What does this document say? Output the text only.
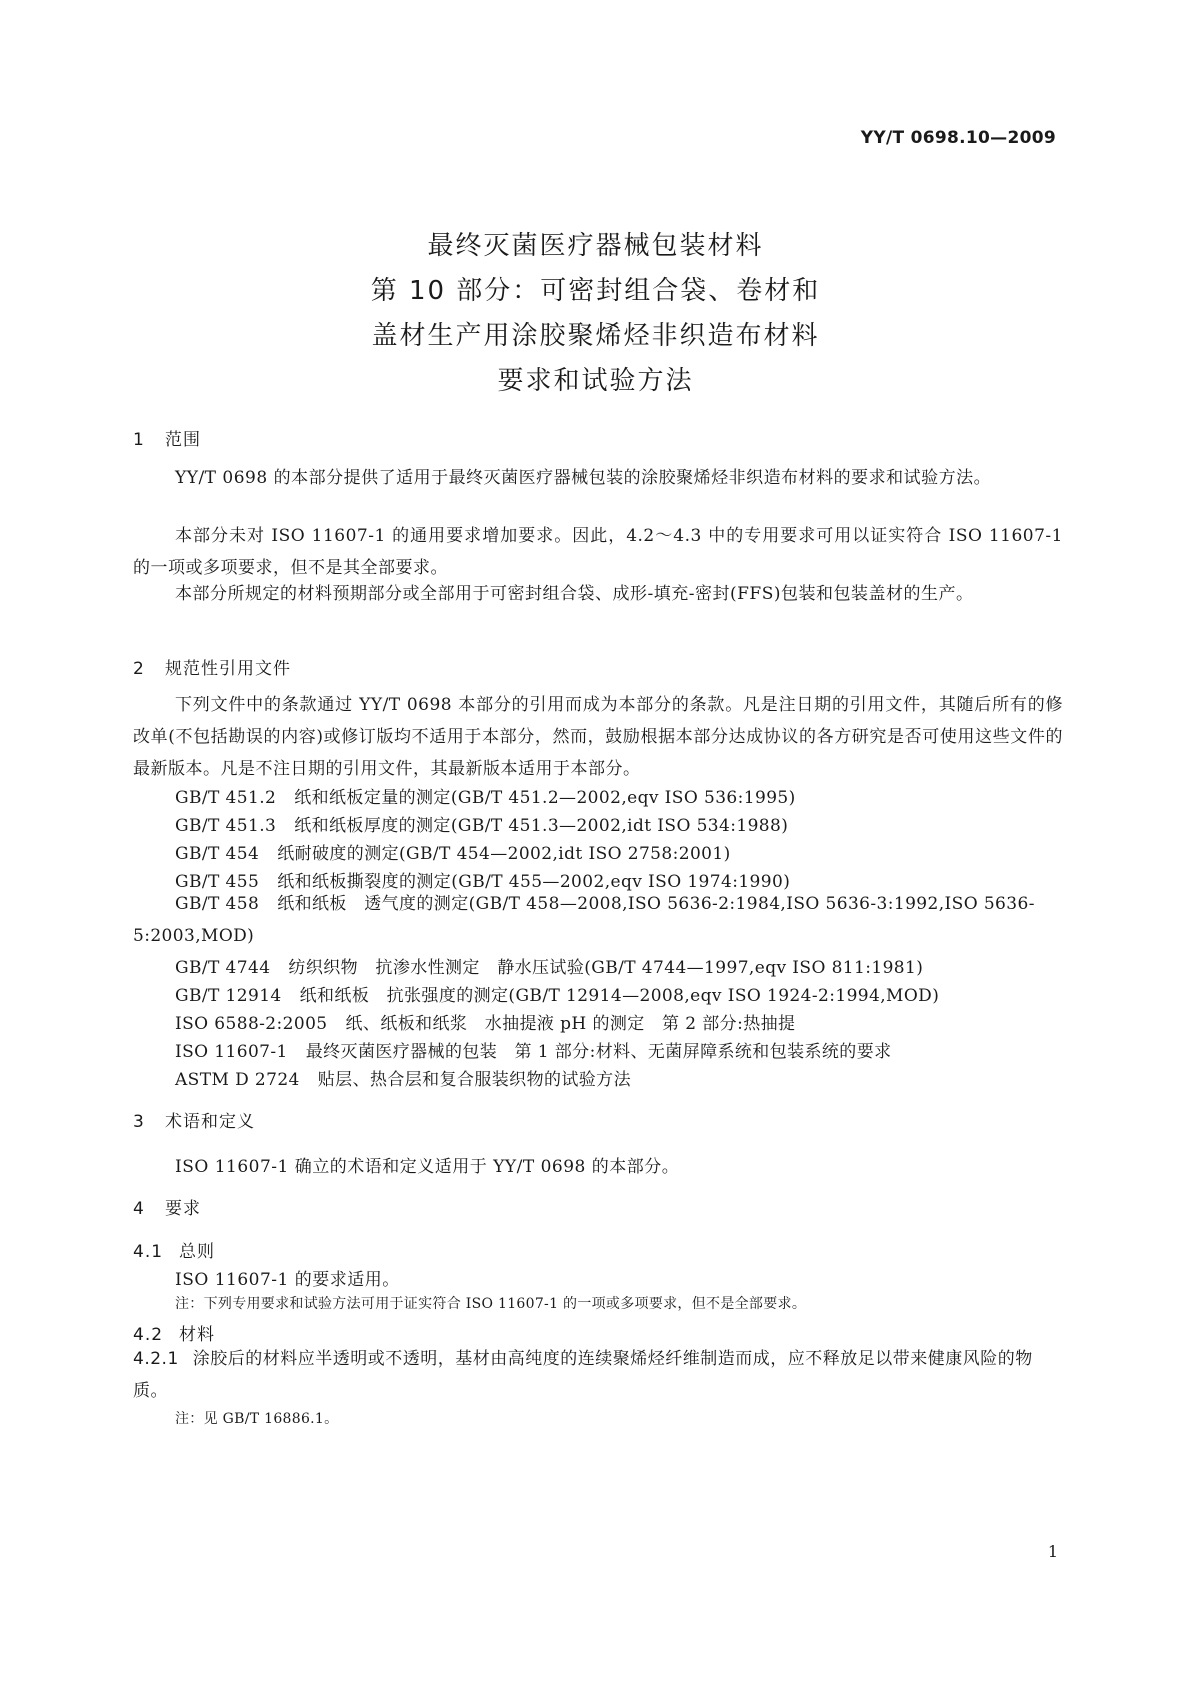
YY/T 0698.10—2009
最终灭菌医疗器械包装材料
第 10 部分：可密封组合袋、卷材和
盖材生产用涂胶聚烯烃非织造布材料
要求和试验方法
1 范围
YY/T 0698 的本部分提供了适用于最终灭菌医疗器械包装的涂胶聚烯烃非织造布材料的要求和试验方法。
本部分未对 ISO 11607-1 的通用要求增加要求。因此，4.2～4.3 中的专用要求可用以证实符合 ISO 11607-1 的一项或多项要求，但不是其全部要求。
本部分所规定的材料预期部分或全部用于可密封组合袋、成形-填充-密封(FFS)包装和包装盖材的生产。
2 规范性引用文件
下列文件中的条款通过 YY/T 0698 本部分的引用而成为本部分的条款。凡是注日期的引用文件，其随后所有的修改单(不包括勘误的内容)或修订版均不适用于本部分，然而，鼓励根据本部分达成协议的各方研究是否可使用这些文件的最新版本。凡是不注日期的引用文件，其最新版本适用于本部分。
GB/T 451.2 纸和纸板定量的测定(GB/T 451.2—2002,eqv ISO 536:1995)
GB/T 451.3 纸和纸板厚度的测定(GB/T 451.3—2002,idt ISO 534:1988)
GB/T 454 纸耐破度的测定(GB/T 454—2002,idt ISO 2758:2001)
GB/T 455 纸和纸板撕裂度的测定(GB/T 455—2002,eqv ISO 1974:1990)
GB/T 458 纸和纸板　透气度的测定(GB/T 458—2008,ISO 5636-2:1984,ISO 5636-3:1992,ISO 5636-5:2003,MOD)
GB/T 4744 纺织织物　抗渗水性测定　静水压试验(GB/T 4744—1997,eqv ISO 811:1981)
GB/T 12914 纸和纸板　抗张强度的测定(GB/T 12914—2008,eqv ISO 1924-2:1994,MOD)
ISO 6588-2:2005 纸、纸板和纸浆　水抽提液 pH 的测定　第 2 部分:热抽提
ISO 11607-1 最终灭菌医疗器械的包装　第 1 部分:材料、无菌屏障系统和包装系统的要求
ASTM D 2724 贴层、热合层和复合服装织物的试验方法
3 术语和定义
ISO 11607-1 确立的术语和定义适用于 YY/T 0698 的本部分。
4 要求
4.1 总则
ISO 11607-1 的要求适用。
注：下列专用要求和试验方法可用于证实符合 ISO 11607-1 的一项或多项要求，但不是全部要求。
4.2 材料
4.2.1 涂胶后的材料应半透明或不透明，基材由高纯度的连续聚烯烃纤维制造而成，应不释放足以带来健康风险的物质。
注：见 GB/T 16886.1。
1
